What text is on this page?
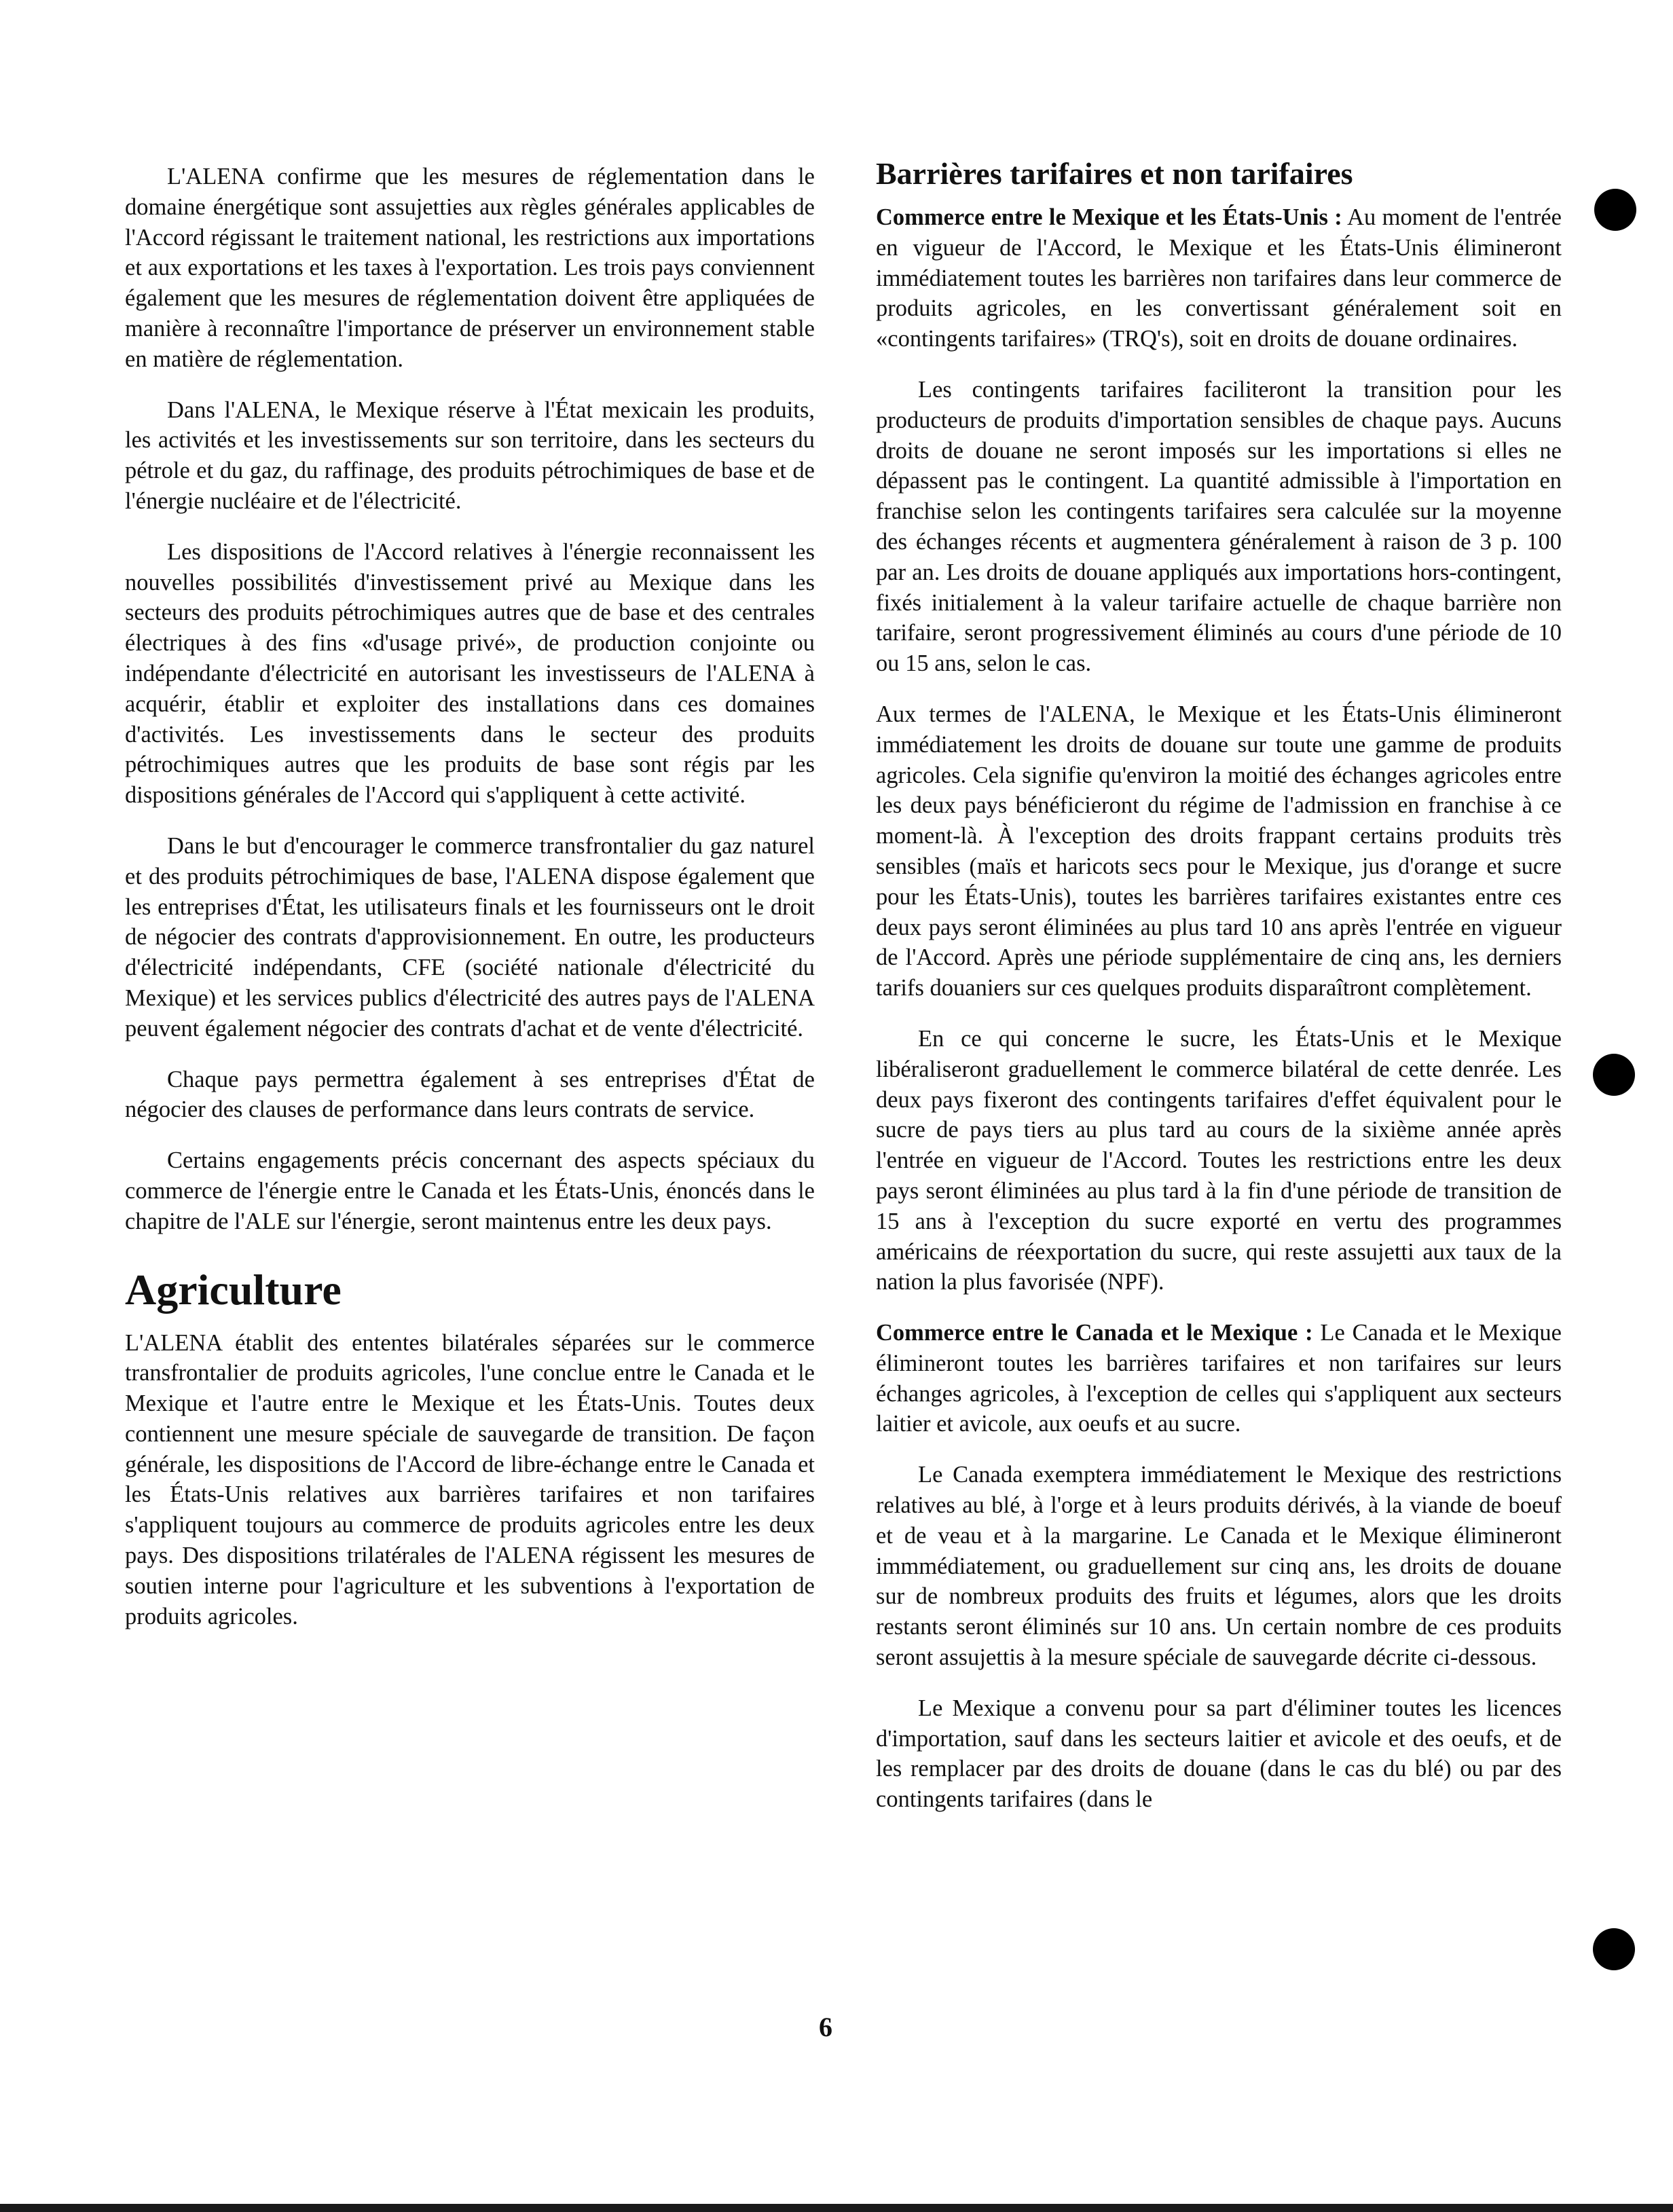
L'ALENA confirme que les mesures de réglementation dans le domaine énergétique sont assujetties aux règles générales applicables de l'Accord régissant le traitement national, les restrictions aux importations et aux exportations et les taxes à l'exportation. Les trois pays conviennent également que les mesures de réglementation doivent être appliquées de manière à reconnaître l'importance de préserver un environnement stable en matière de réglementation.

Dans l'ALENA, le Mexique réserve à l'État mexicain les produits, les activités et les investissements sur son territoire, dans les secteurs du pétrole et du gaz, du raffinage, des produits pétrochimiques de base et de l'énergie nucléaire et de l'électricité.

Les dispositions de l'Accord relatives à l'énergie reconnaissent les nouvelles possibilités d'investissement privé au Mexique dans les secteurs des produits pétrochimiques autres que de base et des centrales électriques à des fins «d'usage privé», de production conjointe ou indépendante d'électricité en autorisant les investisseurs de l'ALENA à acquérir, établir et exploiter des installations dans ces domaines d'activités. Les investissements dans le secteur des produits pétrochimiques autres que les produits de base sont régis par les dispositions générales de l'Accord qui s'appliquent à cette activité.

Dans le but d'encourager le commerce transfrontalier du gaz naturel et des produits pétrochimiques de base, l'ALENA dispose également que les entreprises d'État, les utilisateurs finals et les fournisseurs ont le droit de négocier des contrats d'approvisionnement. En outre, les producteurs d'électricité indépendants, CFE (société nationale d'électricité du Mexique) et les services publics d'électricité des autres pays de l'ALENA peuvent également négocier des contrats d'achat et de vente d'électricité.

Chaque pays permettra également à ses entreprises d'État de négocier des clauses de performance dans leurs contrats de service.

Certains engagements précis concernant des aspects spéciaux du commerce de l'énergie entre le Canada et les États-Unis, énoncés dans le chapitre de l'ALE sur l'énergie, seront maintenus entre les deux pays.

Agriculture

L'ALENA établit des ententes bilatérales séparées sur le commerce transfrontalier de produits agricoles, l'une conclue entre le Canada et le Mexique et l'autre entre le Mexique et les États-Unis. Toutes deux contiennent une mesure spéciale de sauvegarde de transition. De façon générale, les dispositions de l'Accord de libre-échange entre le Canada et les États-Unis relatives aux barrières tarifaires et non tarifaires s'appliquent toujours au commerce de produits agricoles entre les deux pays. Des dispositions trilatérales de l'ALENA régissent les mesures de soutien interne pour l'agriculture et les subventions à l'exportation de produits agricoles.

Barrières tarifaires et non tarifaires

Commerce entre le Mexique et les États-Unis : Au moment de l'entrée en vigueur de l'Accord, le Mexique et les États-Unis élimineront immédiatement toutes les barrières non tarifaires dans leur commerce de produits agricoles, en les convertissant généralement soit en «contingents tarifaires» (TRQ's), soit en droits de douane ordinaires.

Les contingents tarifaires faciliteront la transition pour les producteurs de produits d'importation sensibles de chaque pays. Aucuns droits de douane ne seront imposés sur les importations si elles ne dépassent pas le contingent. La quantité admissible à l'importation en franchise selon les contingents tarifaires sera calculée sur la moyenne des échanges récents et augmentera généralement à raison de 3 p. 100 par an. Les droits de douane appliqués aux importations hors-contingent, fixés initialement à la valeur tarifaire actuelle de chaque barrière non tarifaire, seront progressivement éliminés au cours d'une période de 10 ou 15 ans, selon le cas.

Aux termes de l'ALENA, le Mexique et les États-Unis élimineront immédiatement les droits de douane sur toute une gamme de produits agricoles. Cela signifie qu'environ la moitié des échanges agricoles entre les deux pays bénéficieront du régime de l'admission en franchise à ce moment-là. À l'exception des droits frappant certains produits très sensibles (maïs et haricots secs pour le Mexique, jus d'orange et sucre pour les États-Unis), toutes les barrières tarifaires existantes entre ces deux pays seront éliminées au plus tard 10 ans après l'entrée en vigueur de l'Accord. Après une période supplémentaire de cinq ans, les derniers tarifs douaniers sur ces quelques produits disparaîtront complètement.

En ce qui concerne le sucre, les États-Unis et le Mexique libéraliseront graduellement le commerce bilatéral de cette denrée. Les deux pays fixeront des contingents tarifaires d'effet équivalent pour le sucre de pays tiers au plus tard au cours de la sixième année après l'entrée en vigueur de l'Accord. Toutes les restrictions entre les deux pays seront éliminées au plus tard à la fin d'une période de transition de 15 ans à l'exception du sucre exporté en vertu des programmes américains de réexportation du sucre, qui reste assujetti aux taux de la nation la plus favorisée (NPF).

Commerce entre le Canada et le Mexique : Le Canada et le Mexique élimineront toutes les barrières tarifaires et non tarifaires sur leurs échanges agricoles, à l'exception de celles qui s'appliquent aux secteurs laitier et avicole, aux oeufs et au sucre.

Le Canada exemptera immédiatement le Mexique des restrictions relatives au blé, à l'orge et à leurs produits dérivés, à la viande de boeuf et de veau et à la margarine. Le Canada et le Mexique élimineront immmédiatement, ou graduellement sur cinq ans, les droits de douane sur de nombreux produits des fruits et légumes, alors que les droits restants seront éliminés sur 10 ans. Un certain nombre de ces produits seront assujettis à la mesure spéciale de sauvegarde décrite ci-dessous.

Le Mexique a convenu pour sa part d'éliminer toutes les licences d'importation, sauf dans les secteurs laitier et avicole et des oeufs, et de les remplacer par des droits de douane (dans le cas du blé) ou par des contingents tarifaires (dans le

6
